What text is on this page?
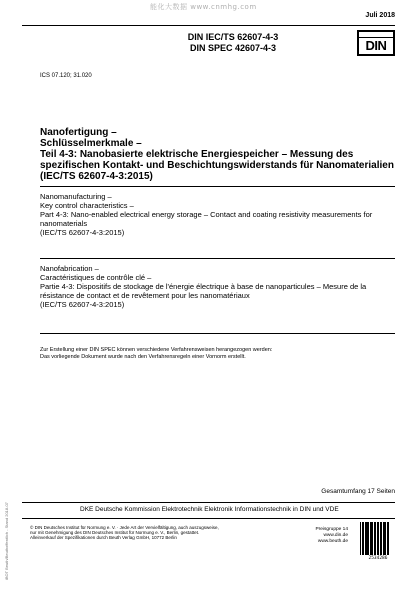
能化大数据 www.cnmhg.com
Juli 2018
DIN IEC/TS 62607-4-3
DIN SPEC 42607-4-3	DIN
ICS 07.120; 31.020
Nanofertigung –
Schlüsselmerkmale –
Teil 4-3: Nanobasierte elektrische Energiespeicher – Messung des spezifischen Kontakt- und Beschichtungswiderstands für Nanomaterialien
(IEC/TS 62607-4-3:2015)
Nanomanufacturing –
Key control characteristics –
Part 4-3: Nano-enabled electrical energy storage – Contact and coating resistivity measurements for nanomaterials
(IEC/TS 62607-4-3:2015)
Nanofabrication –
Caractéristiques de contrôle clé –
Partie 4-3: Dispositifs de stockage de l'énergie électrique à base de nanoparticules – Mesure de la résistance de contact et de revêtement pour les nanomatériaux
(IEC/TS 62607-4-3:2015)
Zur Erstellung einer DIN SPEC können verschiedene Verfahrensweisen herangezogen werden:
Das vorliegende Dokument wurde nach den Verfahrensregeln einer Vornorm erstellt.
iBOT Beuth/Beuthoffentlich - Stand 2018-07
Gesamtumfang 17 Seiten
DKE Deutsche Kommission Elektrotechnik Elektronik Informationstechnik in DIN und VDE
© DIN Deutsches Institut für Normung e. V. · Jede Art der Vervielfältigung, auch auszugsweise,
nur mit Genehmigung des DIN Deutsches Institut für Normung e. V., Berlin, gestattet.
Alleinverkauf der Spezifikationen durch Beuth Verlag GmbH, 10772 Berlin
Preisgruppe 14
www.din.de
www.beuth.de
2534286
